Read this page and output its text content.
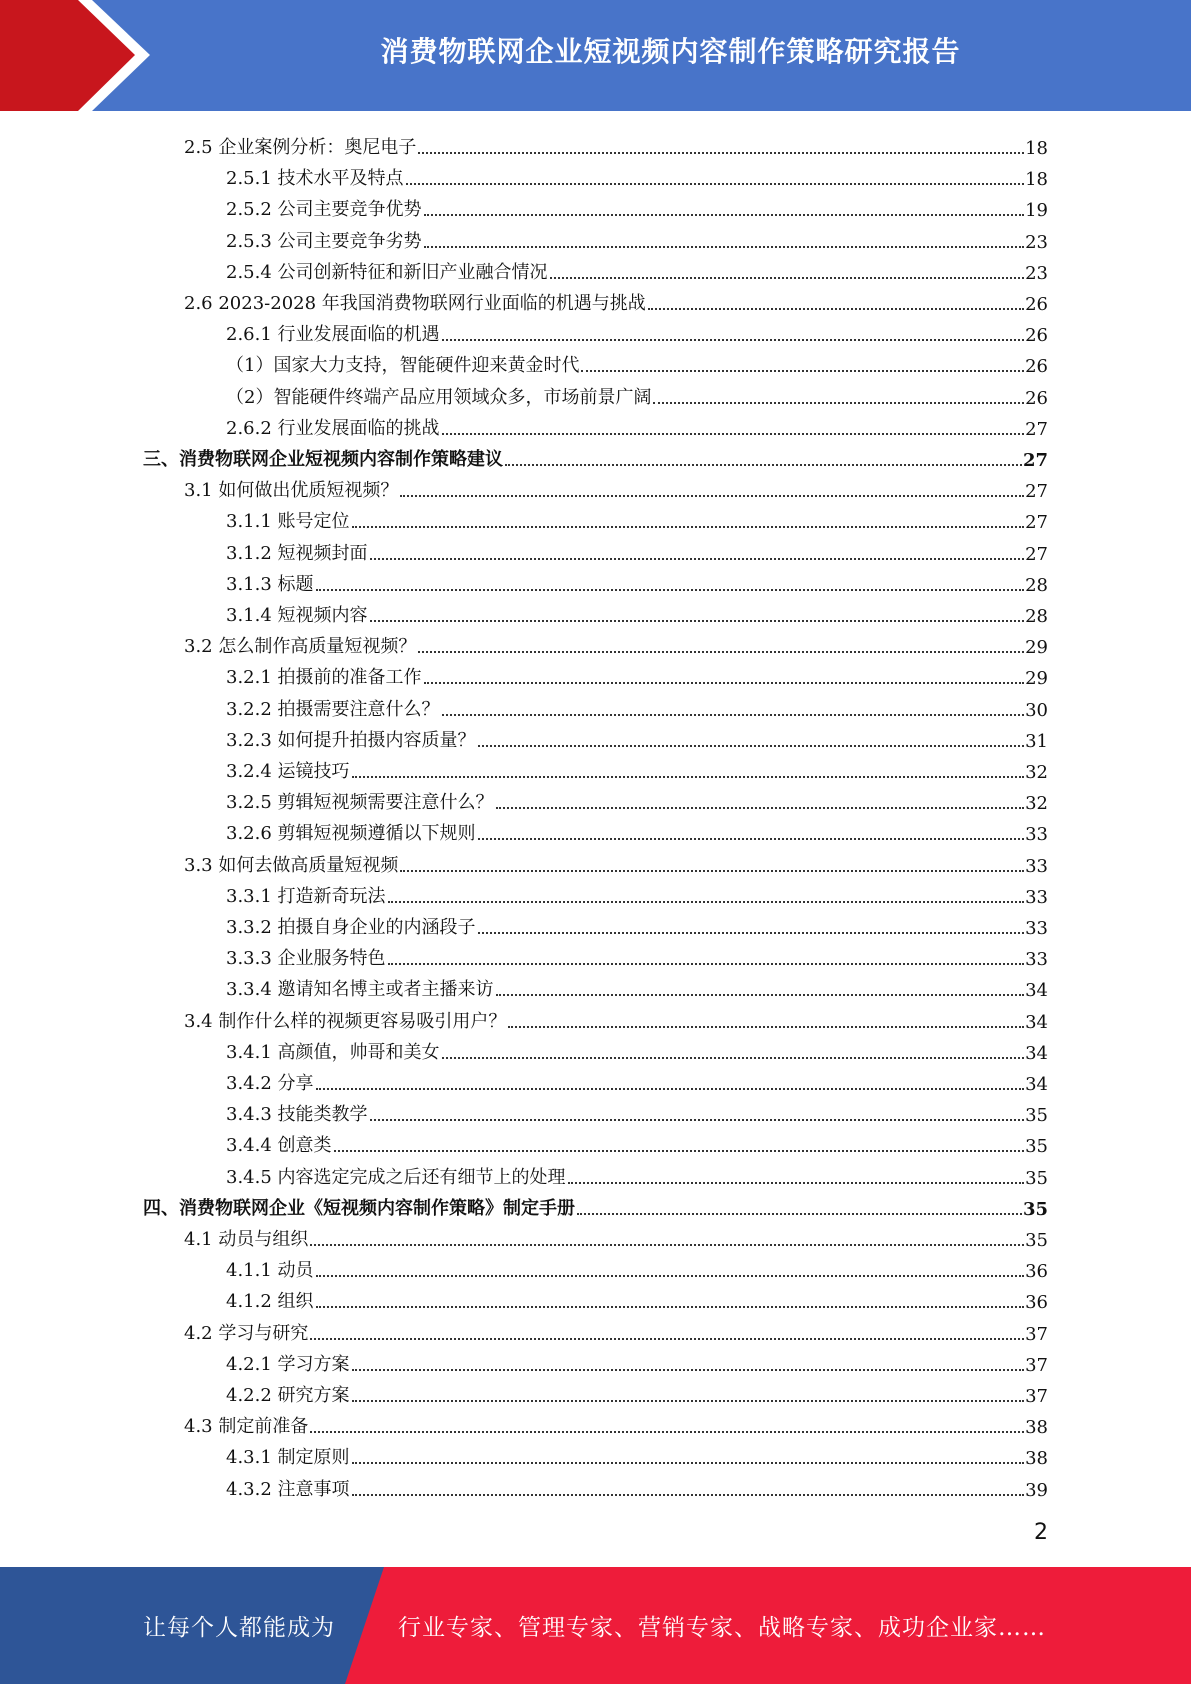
消费物联网企业短视频内容制作策略研究报告
2.5 企业案例分析：奥尼电子	18
2.5.1 技术水平及特点	18
2.5.2 公司主要竞争优势	19
2.5.3 公司主要竞争劣势	23
2.5.4 公司创新特征和新旧产业融合情况	23
2.6 2023-2028 年我国消费物联网行业面临的机遇与挑战	26
2.6.1 行业发展面临的机遇	26
（1）国家大力支持，智能硬件迎来黄金时代	26
（2）智能硬件终端产品应用领域众多，市场前景广阔	26
2.6.2 行业发展面临的挑战	27
三、消费物联网企业短视频内容制作策略建议	27
3.1 如何做出优质短视频？	27
3.1.1 账号定位	27
3.1.2 短视频封面	27
3.1.3 标题	28
3.1.4 短视频内容	28
3.2 怎么制作高质量短视频？	29
3.2.1 拍摄前的准备工作	29
3.2.2 拍摄需要注意什么？	30
3.2.3 如何提升拍摄内容质量？	31
3.2.4 运镜技巧	32
3.2.5 剪辑短视频需要注意什么？	32
3.2.6 剪辑短视频遵循以下规则	33
3.3 如何去做高质量短视频	33
3.3.1 打造新奇玩法	33
3.3.2 拍摄自身企业的内涵段子	33
3.3.3 企业服务特色	33
3.3.4 邀请知名博主或者主播来访	34
3.4 制作什么样的视频更容易吸引用户？	34
3.4.1 高颜值，帅哥和美女	34
3.4.2 分享	34
3.4.3 技能类教学	35
3.4.4 创意类	35
3.4.5 内容选定完成之后还有细节上的处理	35
四、消费物联网企业《短视频内容制作策略》制定手册	35
4.1 动员与组织	35
4.1.1 动员	36
4.1.2 组织	36
4.2 学习与研究	37
4.2.1 学习方案	37
4.2.2 研究方案	37
4.3 制定前准备	38
4.3.1 制定原则	38
4.3.2 注意事项	39
2
让每个人都能成为	行业专家、管理专家、营销专家、战略专家、成功企业家……
